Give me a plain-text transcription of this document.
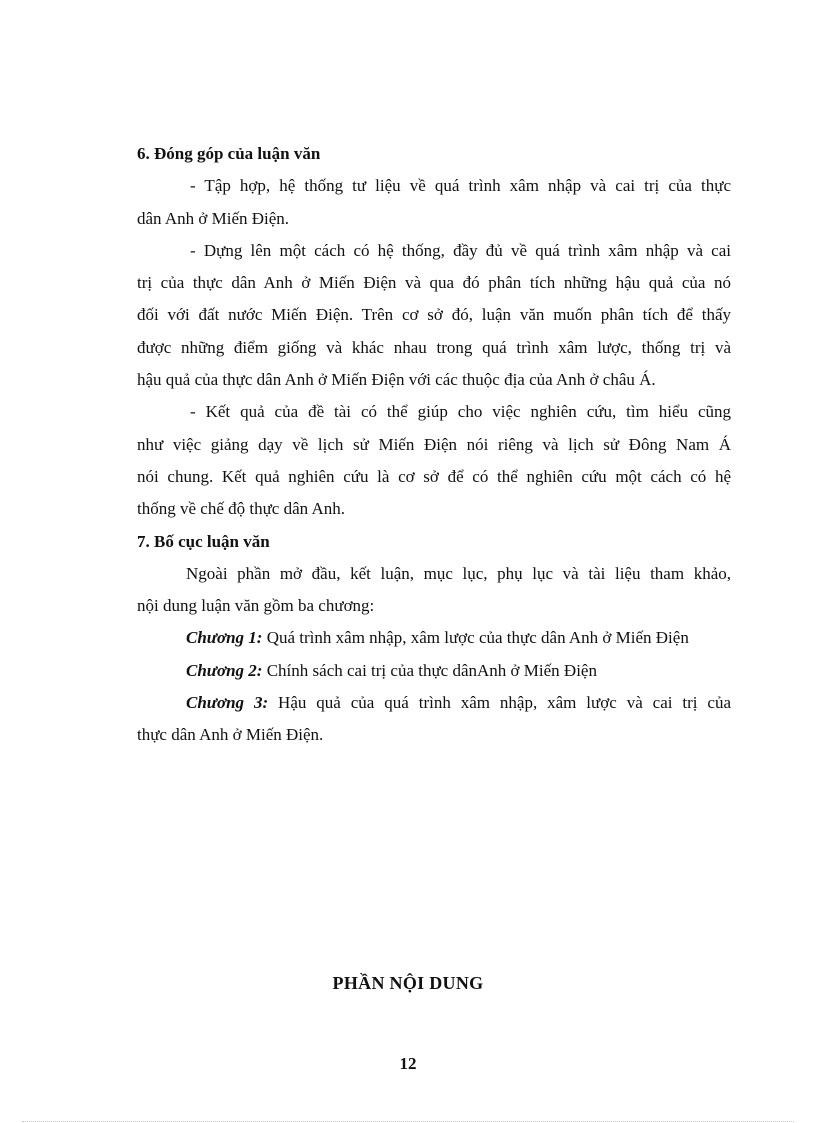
6. Đóng góp của luận văn
- Tập hợp, hệ thống tư liệu về quá trình xâm nhập và cai trị của thực
dân Anh ở Miến Điện.
- Dựng lên một cách có hệ thống, đầy đủ về quá trình xâm nhập và cai
trị của thực dân Anh ở Miến Điện và qua đó phân tích những hậu quả của nó
đối với đất nước Miến Điện. Trên cơ sở đó, luận văn muốn phân tích để thấy
được những điểm giống và khác nhau trong quá trình xâm lược, thống trị và
hậu quả của thực dân Anh ở Miến Điện với các thuộc địa của Anh ở châu Á.
- Kết quả của đề tài có thể giúp cho việc nghiên cứu, tìm hiểu cũng
như việc giảng dạy về lịch sử Miến Điện nói riêng và lịch sử Đông Nam Á
nói chung. Kết quả nghiên cứu là cơ sở để có thể nghiên cứu một cách có hệ
thống về chế độ thực dân Anh.
7. Bố cục luận văn
Ngoài phần mở đầu, kết luận, mục lục, phụ lục và tài liệu tham khảo,
nội dung luận văn gồm ba chương:
Chương 1: Quá trình xâm nhập, xâm lược của thực dân Anh ở Miến Điện
Chương 2: Chính sách cai trị của thực dânAnh ở Miến Điện
Chương 3: Hậu quả của quá trình xâm nhập, xâm lược và cai trị của
thực dân Anh ở Miến Điện.
PHẦN NỘI DUNG
12
